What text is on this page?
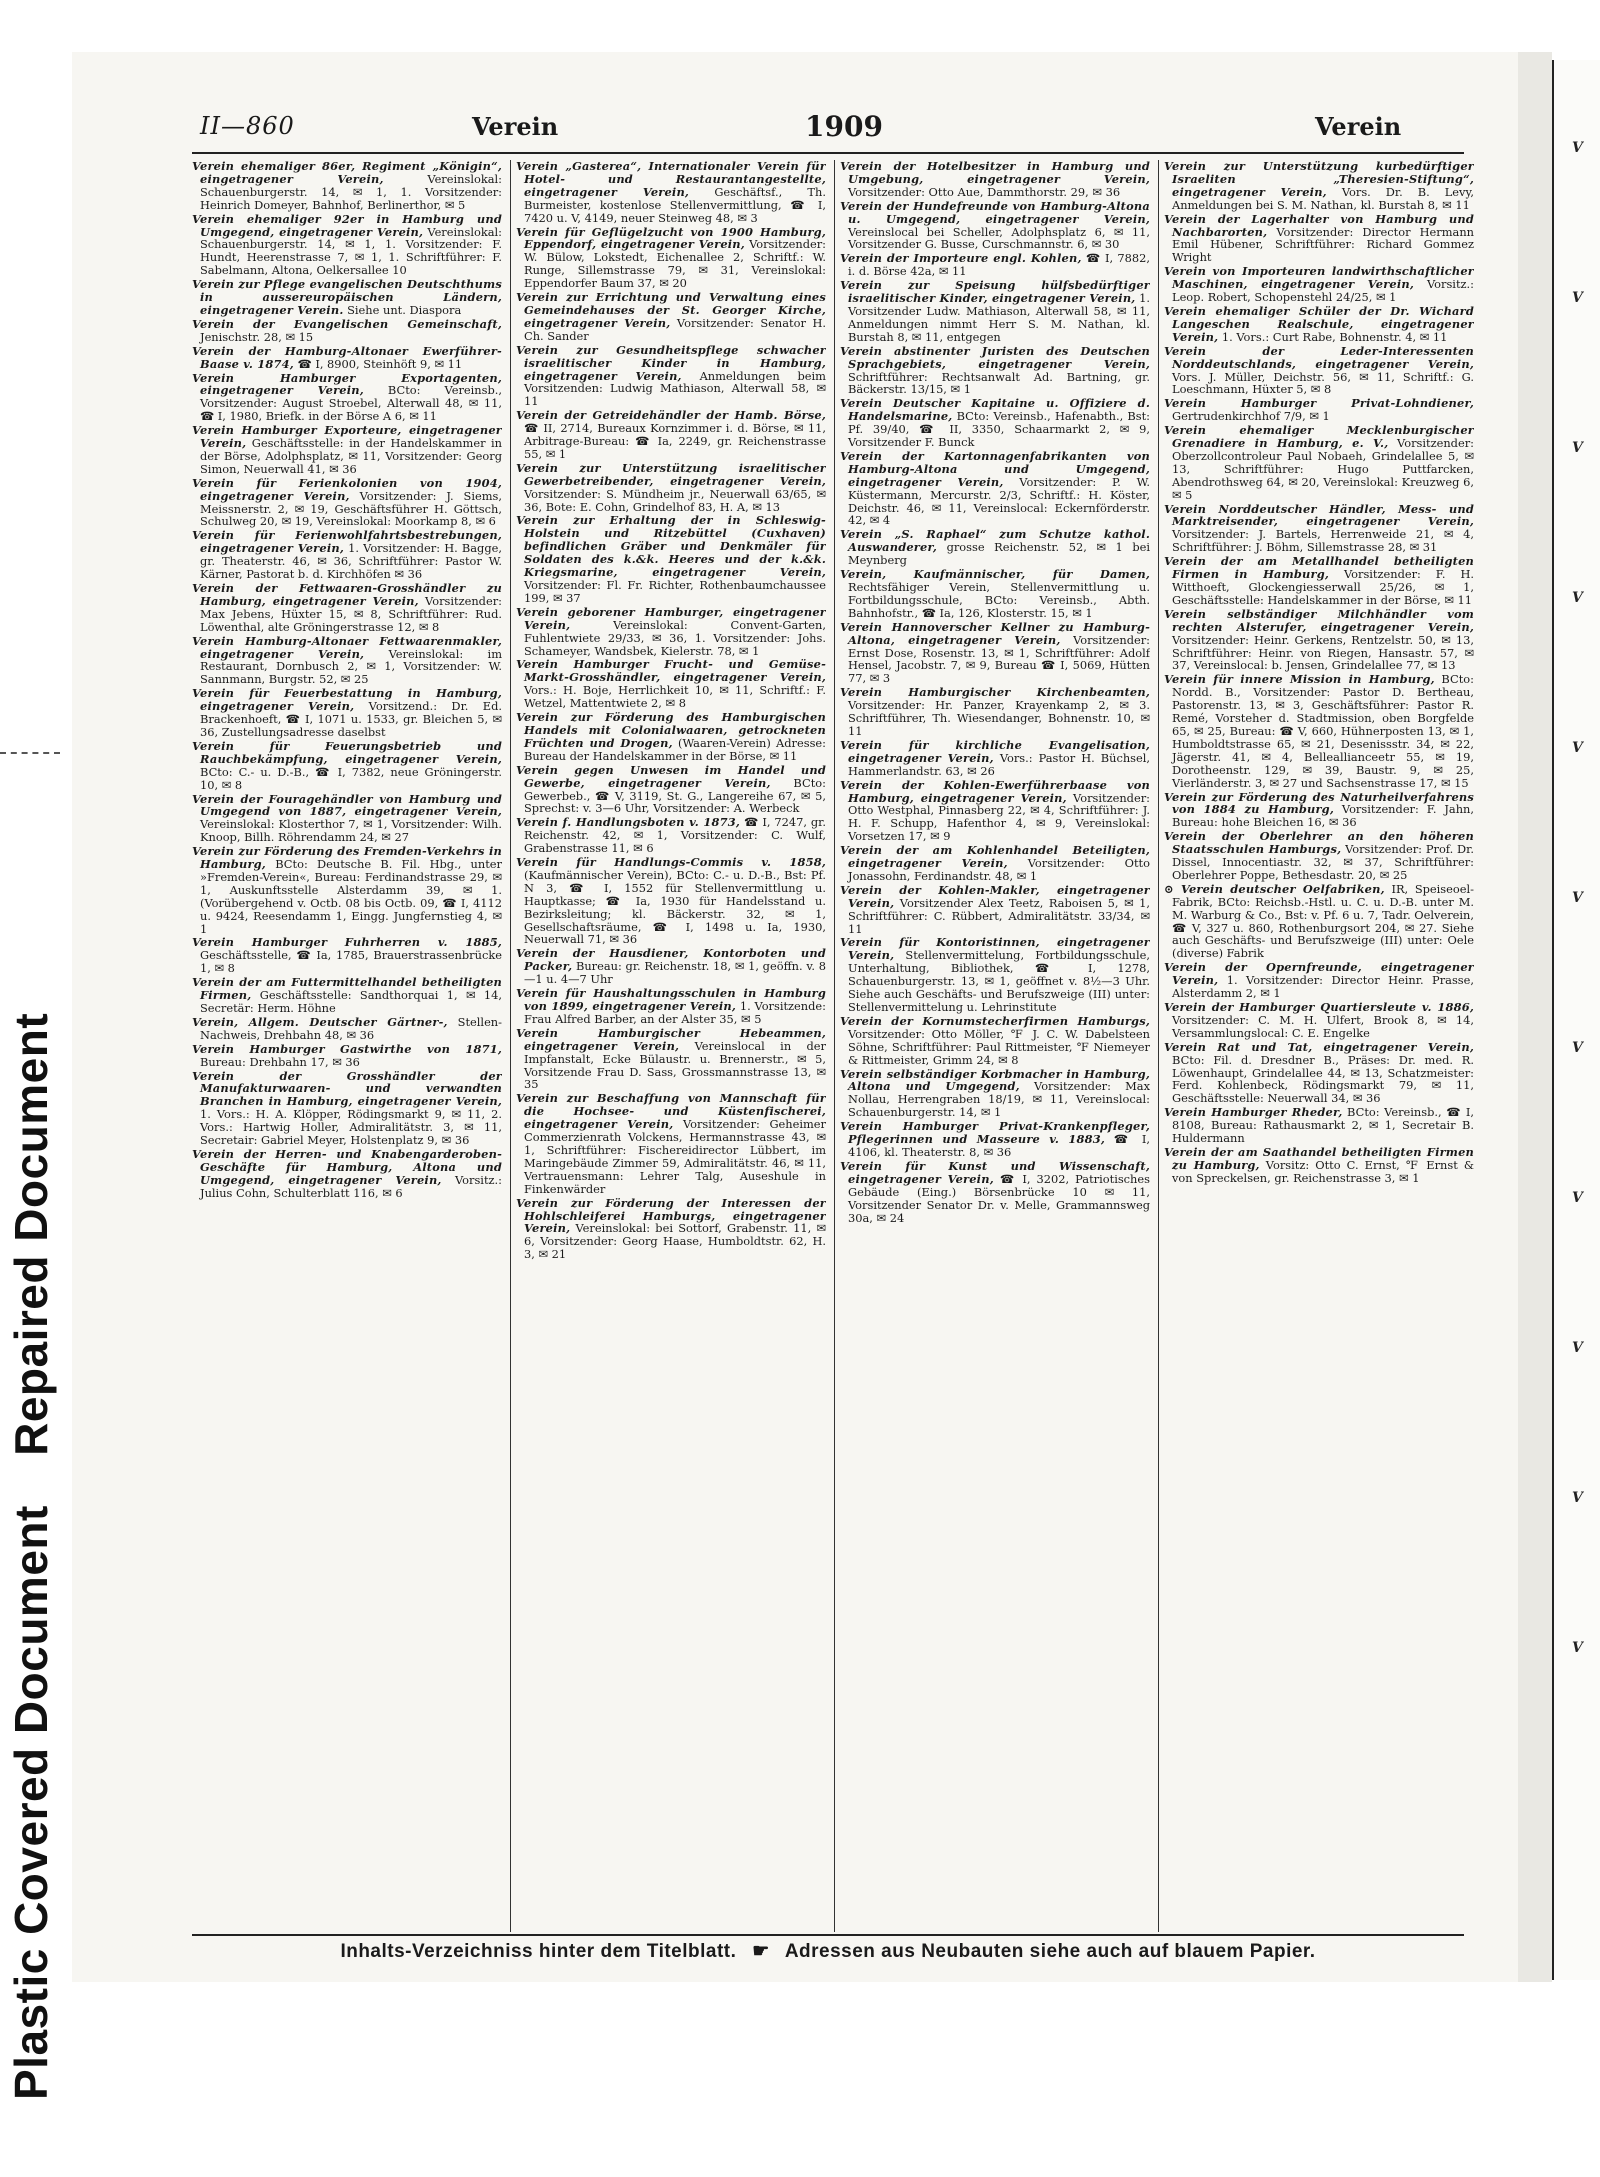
Plastic Covered Document Repaired Document
V
V
V
V
V
V
V
V
V
V
V
II—860	Verein	1909	Verein
Verein ehemaliger 86er, Regiment „Königin“, eingetragener Verein, Vereinslokal: Schauenburgerstr. 14, ✉ 1, 1. Vorsitzender: Heinrich Domeyer, Bahnhof, Berlinerthor, ✉ 5
Verein ehemaliger 92er in Hamburg und Umgegend, eingetragener Verein, Vereinslokal: Schauenburgerstr. 14, ✉ 1, 1. Vorsitzender: F. Hundt, Heerenstrasse 7, ✉ 1, 1. Schriftführer: F. Sabelmann, Altona, Oelkersallee 10
Verein zur Pflege evangelischen Deutschthums in aussereuropäischen Ländern, eingetragener Verein. Siehe unt. Diaspora
Verein der Evangelischen Gemeinschaft, Jenischstr. 28, ✉ 15
Verein der Hamburg-Altonaer Ewerführer-Baase v. 1874, ☎ I, 8900, Steinhöft 9, ✉ 11
Verein Hamburger Exportagenten, eingetragener Verein, BCto: Vereinsb., Vorsitzender: August Stroebel, Alterwall 48, ✉ 11, ☎ I, 1980, Briefk. in der Börse A 6, ✉ 11
Verein Hamburger Exporteure, eingetragener Verein, Geschäftsstelle: in der Handelskammer in der Börse, Adolphsplatz, ✉ 11, Vorsitzender: Georg Simon, Neuerwall 41, ✉ 36
Verein für Ferienkolonien von 1904, eingetragener Verein, Vorsitzender: J. Siems, Meissnerstr. 2, ✉ 19, Geschäftsführer H. Göttsch, Schulweg 20, ✉ 19, Vereinslokal: Moorkamp 8, ✉ 6
Verein für Ferienwohlfahrtsbestrebungen, eingetragener Verein, 1. Vorsitzender: H. Bagge, gr. Theaterstr. 46, ✉ 36, Schriftführer: Pastor W. Kärner, Pastorat b. d. Kirchhöfen ✉ 36
Verein der Fettwaaren-Grosshändler zu Hamburg, eingetragener Verein, Vorsitzender: Max Jebens, Hüxter 15, ✉ 8, Schriftführer: Rud. Löwenthal, alte Gröningerstrasse 12, ✉ 8
Verein Hamburg-Altonaer Fettwaarenmakler, eingetragener Verein, Vereinslokal: im Restaurant, Dornbusch 2, ✉ 1, Vorsitzender: W. Sannmann, Burgstr. 52, ✉ 25
Verein für Feuerbestattung in Hamburg, eingetragener Verein, Vorsitzend.: Dr. Ed. Brackenhoeft, ☎ I, 1071 u. 1533, gr. Bleichen 5, ✉ 36, Zustellungsadresse daselbst
Verein für Feuerungsbetrieb und Rauchbekämpfung, eingetragener Verein, BCto: C.- u. D.-B., ☎ I, 7382, neue Gröningerstr. 10, ✉ 8
Verein der Fouragehändler von Hamburg und Umgegend von 1887, eingetragener Verein, Vereinslokal: Klosterthor 7, ✉ 1, Vorsitzender: Wilh. Knoop, Billh. Röhrendamm 24, ✉ 27
Verein zur Förderung des Fremden-Verkehrs in Hamburg, BCto: Deutsche B. Fil. Hbg., unter »Fremden-Verein«, Bureau: Ferdinandstrasse 29, ✉ 1, Auskunftsstelle Alsterdamm 39, ✉ 1. (Vorübergehend v. Octb. 08 bis Octb. 09, ☎ I, 4112 u. 9424, Reesendamm 1, Eingg. Jungfernstieg 4, ✉ 1
Verein Hamburger Fuhrherren v. 1885, Geschäftsstelle, ☎ Ia, 1785, Brauerstrassenbrücke 1, ✉ 8
Verein der am Futtermittelhandel betheiligten Firmen, Geschäftsstelle: Sandthorquai 1, ✉ 14, Secretär: Herm. Höhne
Verein, Allgem. Deutscher Gärtner-, Stellen-Nachweis, Drehbahn 48, ✉ 36
Verein Hamburger Gastwirthe von 1871, Bureau: Drehbahn 17, ✉ 36
Verein der Grosshändler der Manufakturwaaren- und verwandten Branchen in Hamburg, eingetragener Verein, 1. Vors.: H. A. Klöpper, Rödingsmarkt 9, ✉ 11, 2. Vors.: Hartwig Holler, Admiralitätstr. 3, ✉ 11, Secretair: Gabriel Meyer, Holstenplatz 9, ✉ 36
Verein der Herren- und Knabengarderoben-Geschäfte für Hamburg, Altona und Umgegend, eingetragener Verein, Vorsitz.: Julius Cohn, Schulterblatt 116, ✉ 6
Verein „Gasterea“, Internationaler Verein für Hotel- und Restaurantangestellte, eingetragener Verein, Geschäftsf., Th. Burmeister, kostenlose Stellenvermittlung, ☎ I, 7420 u. V, 4149, neuer Steinweg 48, ✉ 3
Verein für Geflügelzucht von 1900 Hamburg, Eppendorf, eingetragener Verein, Vorsitzender: W. Bülow, Lokstedt, Eichenallee 2, Schriftf.: W. Runge, Sillemstrasse 79, ✉ 31, Vereinslokal: Eppendorfer Baum 37, ✉ 20
Verein zur Errichtung und Verwaltung eines Gemeindehauses der St. Georger Kirche, eingetragener Verein, Vorsitzender: Senator H. Ch. Sander
Verein zur Gesundheitspflege schwacher israelitischer Kinder in Hamburg, eingetragener Verein, Anmeldungen beim Vorsitzenden: Ludwig Mathiason, Alterwall 58, ✉ 11
Verein der Getreidehändler der Hamb. Börse, ☎ II, 2714, Bureaux Kornzimmer i. d. Börse, ✉ 11, Arbitrage-Bureau: ☎ Ia, 2249, gr. Reichenstrasse 55, ✉ 1
Verein zur Unterstützung israelitischer Gewerbetreibender, eingetragener Verein, Vorsitzender: S. Mündheim jr., Neuerwall 63/65, ✉ 36, Bote: E. Cohn, Grindelhof 83, H. A, ✉ 13
Verein zur Erhaltung der in Schleswig-Holstein und Ritzebüttel (Cuxhaven) befindlichen Gräber und Denkmäler für Soldaten des k.&k. Heeres und der k.&k. Kriegsmarine, eingetragener Verein, Vorsitzender: Fl. Fr. Richter, Rothenbaumchaussee 199, ✉ 37
Verein geborener Hamburger, eingetragener Verein, Vereinslokal: Convent-Garten, Fuhlentwiete 29/33, ✉ 36, 1. Vorsitzender: Johs. Schameyer, Wandsbek, Kielerstr. 78, ✉ 1
Verein Hamburger Frucht- und Gemüse-Markt-Grosshändler, eingetragener Verein, Vors.: H. Boje, Herrlichkeit 10, ✉ 11, Schriftf.: F. Wetzel, Mattentwiete 2, ✉ 8
Verein zur Förderung des Hamburgischen Handels mit Colonialwaaren, getrockneten Früchten und Drogen, (Waaren-Verein) Adresse: Bureau der Handelskammer in der Börse, ✉ 11
Verein gegen Unwesen im Handel und Gewerbe, eingetragener Verein, BCto: Gewerbeb., ☎ V, 3119, St. G., Langereihe 67, ✉ 5, Sprechst: v. 3—6 Uhr, Vorsitzender: A. Werbeck
Verein f. Handlungsboten v. 1873, ☎ I, 7247, gr. Reichenstr. 42, ✉ 1, Vorsitzender: C. Wulf, Grabenstrasse 11, ✉ 6
Verein für Handlungs-Commis v. 1858, (Kaufmännischer Verein), BCto: C.- u. D.-B., Bst: Pf. N 3, ☎ I, 1552 für Stellenvermittlung u. Hauptkasse; ☎ Ia, 1930 für Handelsstand u. Bezirksleitung; kl. Bäckerstr. 32, ✉ 1, Gesellschaftsräume, ☎ I, 1498 u. Ia, 1930, Neuerwall 71, ✉ 36
Verein der Hausdiener, Kontorboten und Packer, Bureau: gr. Reichenstr. 18, ✉ 1, geöffn. v. 8—1 u. 4—7 Uhr
Verein für Haushaltungsschulen in Hamburg von 1899, eingetragener Verein, 1. Vorsitzende: Frau Alfred Barber, an der Alster 35, ✉ 5
Verein Hamburgischer Hebeammen, eingetragener Verein, Vereinslocal in der Impfanstalt, Ecke Bülaustr. u. Brennerstr., ✉ 5, Vorsitzende Frau D. Sass, Grossmannstrasse 13, ✉ 35
Verein zur Beschaffung von Mannschaft für die Hochsee- und Küstenfischerei, eingetragener Verein, Vorsitzender: Geheimer Commerzienrath Volckens, Hermannstrasse 43, ✉ 1, Schriftführer: Fischereidirector Lübbert, im Maringebäude Zimmer 59, Admiralitätstr. 46, ✉ 11, Vertrauensmann: Lehrer Talg, Auseshule in Finkenwärder
Verein zur Förderung der Interessen der Hohlschleiferei Hamburgs, eingetragener Verein, Vereinslokal: bei Sottorf, Grabenstr. 11, ✉ 6, Vorsitzender: Georg Haase, Humboldtstr. 62, H. 3, ✉ 21
Verein der Hotelbesitzer in Hamburg und Umgebung, eingetragener Verein, Vorsitzender: Otto Aue, Dammthorstr. 29, ✉ 36
Verein der Hundefreunde von Hamburg-Altona u. Umgegend, eingetragener Verein, Vereinslocal bei Scheller, Adolphsplatz 6, ✉ 11, Vorsitzender G. Busse, Curschmannstr. 6, ✉ 30
Verein der Importeure engl. Kohlen, ☎ I, 7882, i. d. Börse 42a, ✉ 11
Verein zur Speisung hülfsbedürftiger israelitischer Kinder, eingetragener Verein, 1. Vorsitzender Ludw. Mathiason, Alterwall 58, ✉ 11, Anmeldungen nimmt Herr S. M. Nathan, kl. Burstah 8, ✉ 11, entgegen
Verein abstinenter Juristen des Deutschen Sprachgebiets, eingetragener Verein, Schriftführer: Rechtsanwalt Ad. Bartning, gr. Bäckerstr. 13/15, ✉ 1
Verein Deutscher Kapitaine u. Offiziere d. Handelsmarine, BCto: Vereinsb., Hafenabth., Bst: Pf. 39/40, ☎ II, 3350, Schaarmarkt 2, ✉ 9, Vorsitzender F. Bunck
Verein der Kartonnagenfabrikanten von Hamburg-Altona und Umgegend, eingetragener Verein, Vorsitzender: P. W. Küstermann, Mercurstr. 2/3, Schriftf.: H. Köster, Deichstr. 46, ✉ 11, Vereinslocal: Eckernförderstr. 42, ✉ 4
Verein „S. Raphael“ zum Schutze kathol. Auswanderer, grosse Reichenstr. 52, ✉ 1 bei Meynberg
Verein, Kaufmännischer, für Damen, Rechtsfähiger Verein, Stellenvermittlung u. Fortbildungsschule, BCto: Vereinsb., Abth. Bahnhofstr., ☎ Ia, 126, Klosterstr. 15, ✉ 1
Verein Hannoverscher Kellner zu Hamburg-Altona, eingetragener Verein, Vorsitzender: Ernst Dose, Rosenstr. 13, ✉ 1, Schriftführer: Adolf Hensel, Jacobstr. 7, ✉ 9, Bureau ☎ I, 5069, Hütten 77, ✉ 3
Verein Hamburgischer Kirchenbeamten, Vorsitzender: Hr. Panzer, Krayenkamp 2, ✉ 3. Schriftführer, Th. Wiesendanger, Bohnenstr. 10, ✉ 11
Verein für kirchliche Evangelisation, eingetragener Verein, Vors.: Pastor H. Büchsel, Hammerlandstr. 63, ✉ 26
Verein der Kohlen-Ewerführerbaase von Hamburg, eingetragener Verein, Vorsitzender: Otto Westphal, Pinnasberg 22, ✉ 4, Schriftführer: J. H. F. Schupp, Hafenthor 4, ✉ 9, Vereinslokal: Vorsetzen 17, ✉ 9
Verein der am Kohlenhandel Beteiligten, eingetragener Verein, Vorsitzender: Otto Jonassohn, Ferdinandstr. 48, ✉ 1
Verein der Kohlen-Makler, eingetragener Verein, Vorsitzender Alex Teetz, Raboisen 5, ✉ 1, Schriftführer: C. Rübbert, Admiralitätstr. 33/34, ✉ 11
Verein für Kontoristinnen, eingetragener Verein, Stellenvermittelung, Fortbildungsschule, Unterhaltung, Bibliothek, ☎ I, 1278, Schauenburgerstr. 13, ✉ 1, geöffnet v. 8½—3 Uhr. Siehe auch Geschäfts- und Berufszweige (III) unter: Stellenvermittelung u. Lehrinstitute
Verein der Kornumstecherfirmen Hamburgs, Vorsitzender: Otto Möller, ℉ J. C. W. Dabelsteen Söhne, Schriftführer: Paul Rittmeister, ℉ Niemeyer & Rittmeister, Grimm 24, ✉ 8
Verein selbständiger Korbmacher in Hamburg, Altona und Umgegend, Vorsitzender: Max Nollau, Herrengraben 18/19, ✉ 11, Vereinslocal: Schauenburgerstr. 14, ✉ 1
Verein Hamburger Privat-Krankenpfleger, Pflegerinnen und Masseure v. 1883, ☎ I, 4106, kl. Theaterstr. 8, ✉ 36
Verein für Kunst und Wissenschaft, eingetragener Verein, ☎ I, 3202, Patriotisches Gebäude (Eing.) Börsenbrücke 10 ✉ 11, Vorsitzender Senator Dr. v. Melle, Grammannsweg 30a, ✉ 24
Verein zur Unterstützung kurbedürftiger Israeliten „Theresien-Stiftung“, eingetragener Verein, Vors. Dr. B. Levy, Anmeldungen bei S. M. Nathan, kl. Burstah 8, ✉ 11
Verein der Lagerhalter von Hamburg und Nachbarorten, Vorsitzender: Director Hermann Emil Hübener, Schriftführer: Richard Gommez Wright
Verein von Importeuren landwirthschaftlicher Maschinen, eingetragener Verein, Vorsitz.: Leop. Robert, Schopenstehl 24/25, ✉ 1
Verein ehemaliger Schüler der Dr. Wichard Langeschen Realschule, eingetragener Verein, 1. Vors.: Curt Rabe, Bohnenstr. 4, ✉ 11
Verein der Leder-Interessenten Norddeutschlands, eingetragener Verein, Vors. J. Müller, Deichstr. 56, ✉ 11, Schriftf.: G. Loeschmann, Hüxter 5, ✉ 8
Verein Hamburger Privat-Lohndiener, Gertrudenkirchhof 7/9, ✉ 1
Verein ehemaliger Mecklenburgischer Grenadiere in Hamburg, e. V., Vorsitzender: Oberzollcontroleur Paul Nobaeh, Grindelallee 5, ✉ 13, Schriftführer: Hugo Puttfarcken, Abendrothsweg 64, ✉ 20, Vereinslokal: Kreuzweg 6, ✉ 5
Verein Norddeutscher Händler, Mess- und Marktreisender, eingetragener Verein, Vorsitzender: J. Bartels, Herrenweide 21, ✉ 4, Schriftführer: J. Böhm, Sillemstrasse 28, ✉ 31
Verein der am Metallhandel betheiligten Firmen in Hamburg, Vorsitzender: F. H. Witthoeft, Glockengiesserwall 25/26, ✉ 1, Geschäftsstelle: Handelskammer in der Börse, ✉ 11
Verein selbständiger Milchhändler vom rechten Alsterufer, eingetragener Verein, Vorsitzender: Heinr. Gerkens, Rentzelstr. 50, ✉ 13, Schriftführer: Heinr. von Riegen, Hansastr. 57, ✉ 37, Vereinslocal: b. Jensen, Grindelallee 77, ✉ 13
Verein für innere Mission in Hamburg, BCto: Nordd. B., Vorsitzender: Pastor D. Bertheau, Pastorenstr. 13, ✉ 3, Geschäftsführer: Pastor R. Remé, Vorsteher d. Stadtmission, oben Borgfelde 65, ✉ 25, Bureau: ☎ V, 660, Hühnerposten 13, ✉ 1, Humboldtstrasse 65, ✉ 21, Desenissstr. 34, ✉ 22, Jägerstr. 41, ✉ 4, Belleallianceetr 55, ✉ 19, Dorotheenstr. 129, ✉ 39, Baustr. 9, ✉ 25, Vierländerstr. 3, ✉ 27 und Sachsenstrasse 17, ✉ 15
Verein zur Förderung des Naturheilverfahrens von 1884 zu Hamburg, Vorsitzender: F. Jahn, Bureau: hohe Bleichen 16, ✉ 36
Verein der Oberlehrer an den höheren Staatsschulen Hamburgs, Vorsitzender: Prof. Dr. Dissel, Innocentiastr. 32, ✉ 37, Schriftführer: Oberlehrer Poppe, Bethesdastr. 20, ✉ 25
⊙ Verein deutscher Oelfabriken, IR, Speiseoel-Fabrik, BCto: Reichsb.-Hstl. u. C. u. D.-B. unter M. M. Warburg & Co., Bst: v. Pf. 6 u. 7, Tadr. Oelverein, ☎ V, 327 u. 860, Rothenburgsort 204, ✉ 27. Siehe auch Geschäfts- und Berufszweige (III) unter: Oele (diverse) Fabrik
Verein der Opernfreunde, eingetragener Verein, 1. Vorsitzender: Director Heinr. Prasse, Alsterdamm 2, ✉ 1
Verein der Hamburger Quartiersleute v. 1886, Vorsitzender: C. M. H. Ulfert, Brook 8, ✉ 14, Versammlungslocal: C. E. Engelke
Verein Rat und Tat, eingetragener Verein, BCto: Fil. d. Dresdner B., Präses: Dr. med. R. Löwenhaupt, Grindelallee 44, ✉ 13, Schatzmeister: Ferd. Kohlenbeck, Rödingsmarkt 79, ✉ 11, Geschäftsstelle: Neuerwall 34, ✉ 36
Verein Hamburger Rheder, BCto: Vereinsb., ☎ I, 8108, Bureau: Rathausmarkt 2, ✉ 1, Secretair B. Huldermann
Verein der am Saathandel betheiligten Firmen zu Hamburg, Vorsitz: Otto C. Ernst, ℉ Ernst & von Spreckelsen, gr. Reichenstrasse 3, ✉ 1
Inhalts-Verzeichniss hinter dem Titelblatt. ☛ Adressen aus Neubauten siehe auch auf blauem Papier.
